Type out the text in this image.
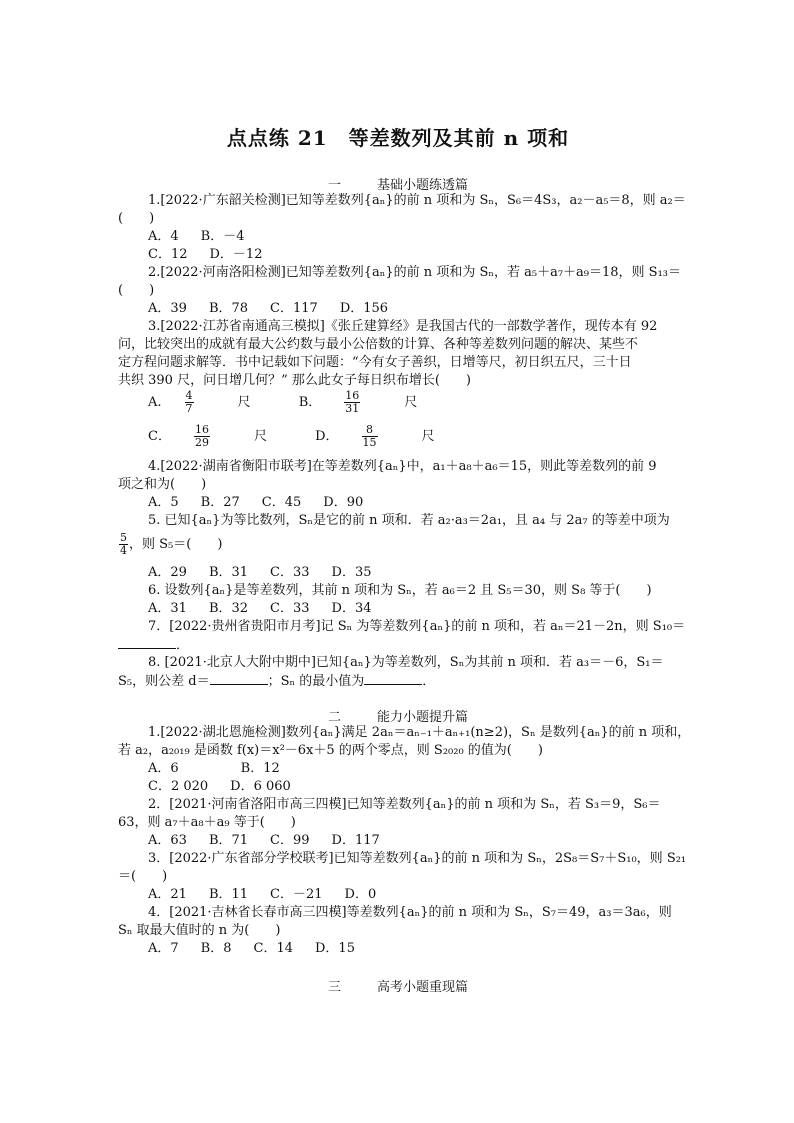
点点练 21　等差数列及其前 n 项和
一	基础小题练透篇
1.[2022·广东韶关检测]已知等差数列{aₙ}的前 n 项和为 Sₙ，S₆＝4S₃，a₂－a₅＝8，则 a₂＝
(　　)
A．4 B．－4
C．12 D．－12
2.[2022·河南洛阳检测]已知等差数列{aₙ}的前 n 项和为 Sₙ，若 a₅＋a₇＋a₉＝18，则 S₁₃＝
(　　)
A．39 B．78 C．117 D．156
3.[2022·江苏省南通高三模拟]《张丘建算经》是我国古代的一部数学著作，现传本有 92
问，比较突出的成就有最大公约数与最小公倍数的计算、各种等差数列问题的解决、某些不
定方程问题求解等．书中记载如下问题：“今有女子善织，日增等尺，初日织五尺，三十日
共织 390 尺，问日增几何？” 那么此女子每日织布增长(　　)
A. $\frac{4}{7}$ 尺	B． $\frac{16}{31}$ 尺
C． $\frac{16}{29}$ 尺	D． $\frac{8}{15}$ 尺
4.[2022·湖南省衡阳市联考]在等差数列{aₙ}中，a₁＋a₈＋a₆＝15，则此等差数列的前 9
项之和为(　　)
A．5 B．27 C．45 D．90
5. 已知{aₙ}为等比数列，Sₙ是它的前 n 项和．若 a₂·a₃＝2a₁，且 a₄ 与 2a₇ 的等差中项为
$\frac{5}{4}$ ，则 S₅＝(　　)
A．29 B．31 C．33 D．35
6. 设数列{aₙ}是等差数列，其前 n 项和为 Sₙ，若 a₆＝2 且 S₅＝30，则 S₈ 等于(　　)
A．31 B．32 C．33 D．34
7．[2022·贵州省贵阳市月考]记 Sₙ 为等差数列{aₙ}的前 n 项和，若 aₙ＝21－2n，则 S₁₀＝
．
8. [2021·北京人大附中期中]已知{aₙ}为等差数列，Sₙ为其前 n 项和．若 a₃＝－6，S₁＝
S₅，则公差 d＝	；Sₙ 的最小值为	．
二	能力小题提升篇
1.[2022·湖北恩施检测]数列{aₙ}满足 2aₙ＝aₙ₋₁＋aₙ₊₁(n≥2)，Sₙ 是数列{aₙ}的前 n 项和，
若 a₂，a₂₀₁₉ 是函数 f(x)＝x²－6x＋5 的两个零点，则 S₂₀₂₀ 的值为(　　)
A．6	B．12
C．2 020 D．6 060
2．[2021·河南省洛阳市高三四模]已知等差数列{aₙ}的前 n 项和为 Sₙ，若 S₃＝9，S₆＝
63，则 a₇＋a₈＋a₉ 等于(　　)
A．63 B．71 C．99 D．117
3．[2022·广东省部分学校联考]已知等差数列{aₙ}的前 n 项和为 Sₙ，2S₈＝S₇＋S₁₀，则 S₂₁
＝(　　)
A．21 B．11 C．－21 D．0
4．[2021·吉林省长春市高三四模]等差数列{aₙ}的前 n 项和为 Sₙ，S₇＝49，a₃＝3a₆，则
Sₙ 取最大值时的 n 为(　　)
A．7 B．8 C．14 D．15
三	高考小题重现篇
